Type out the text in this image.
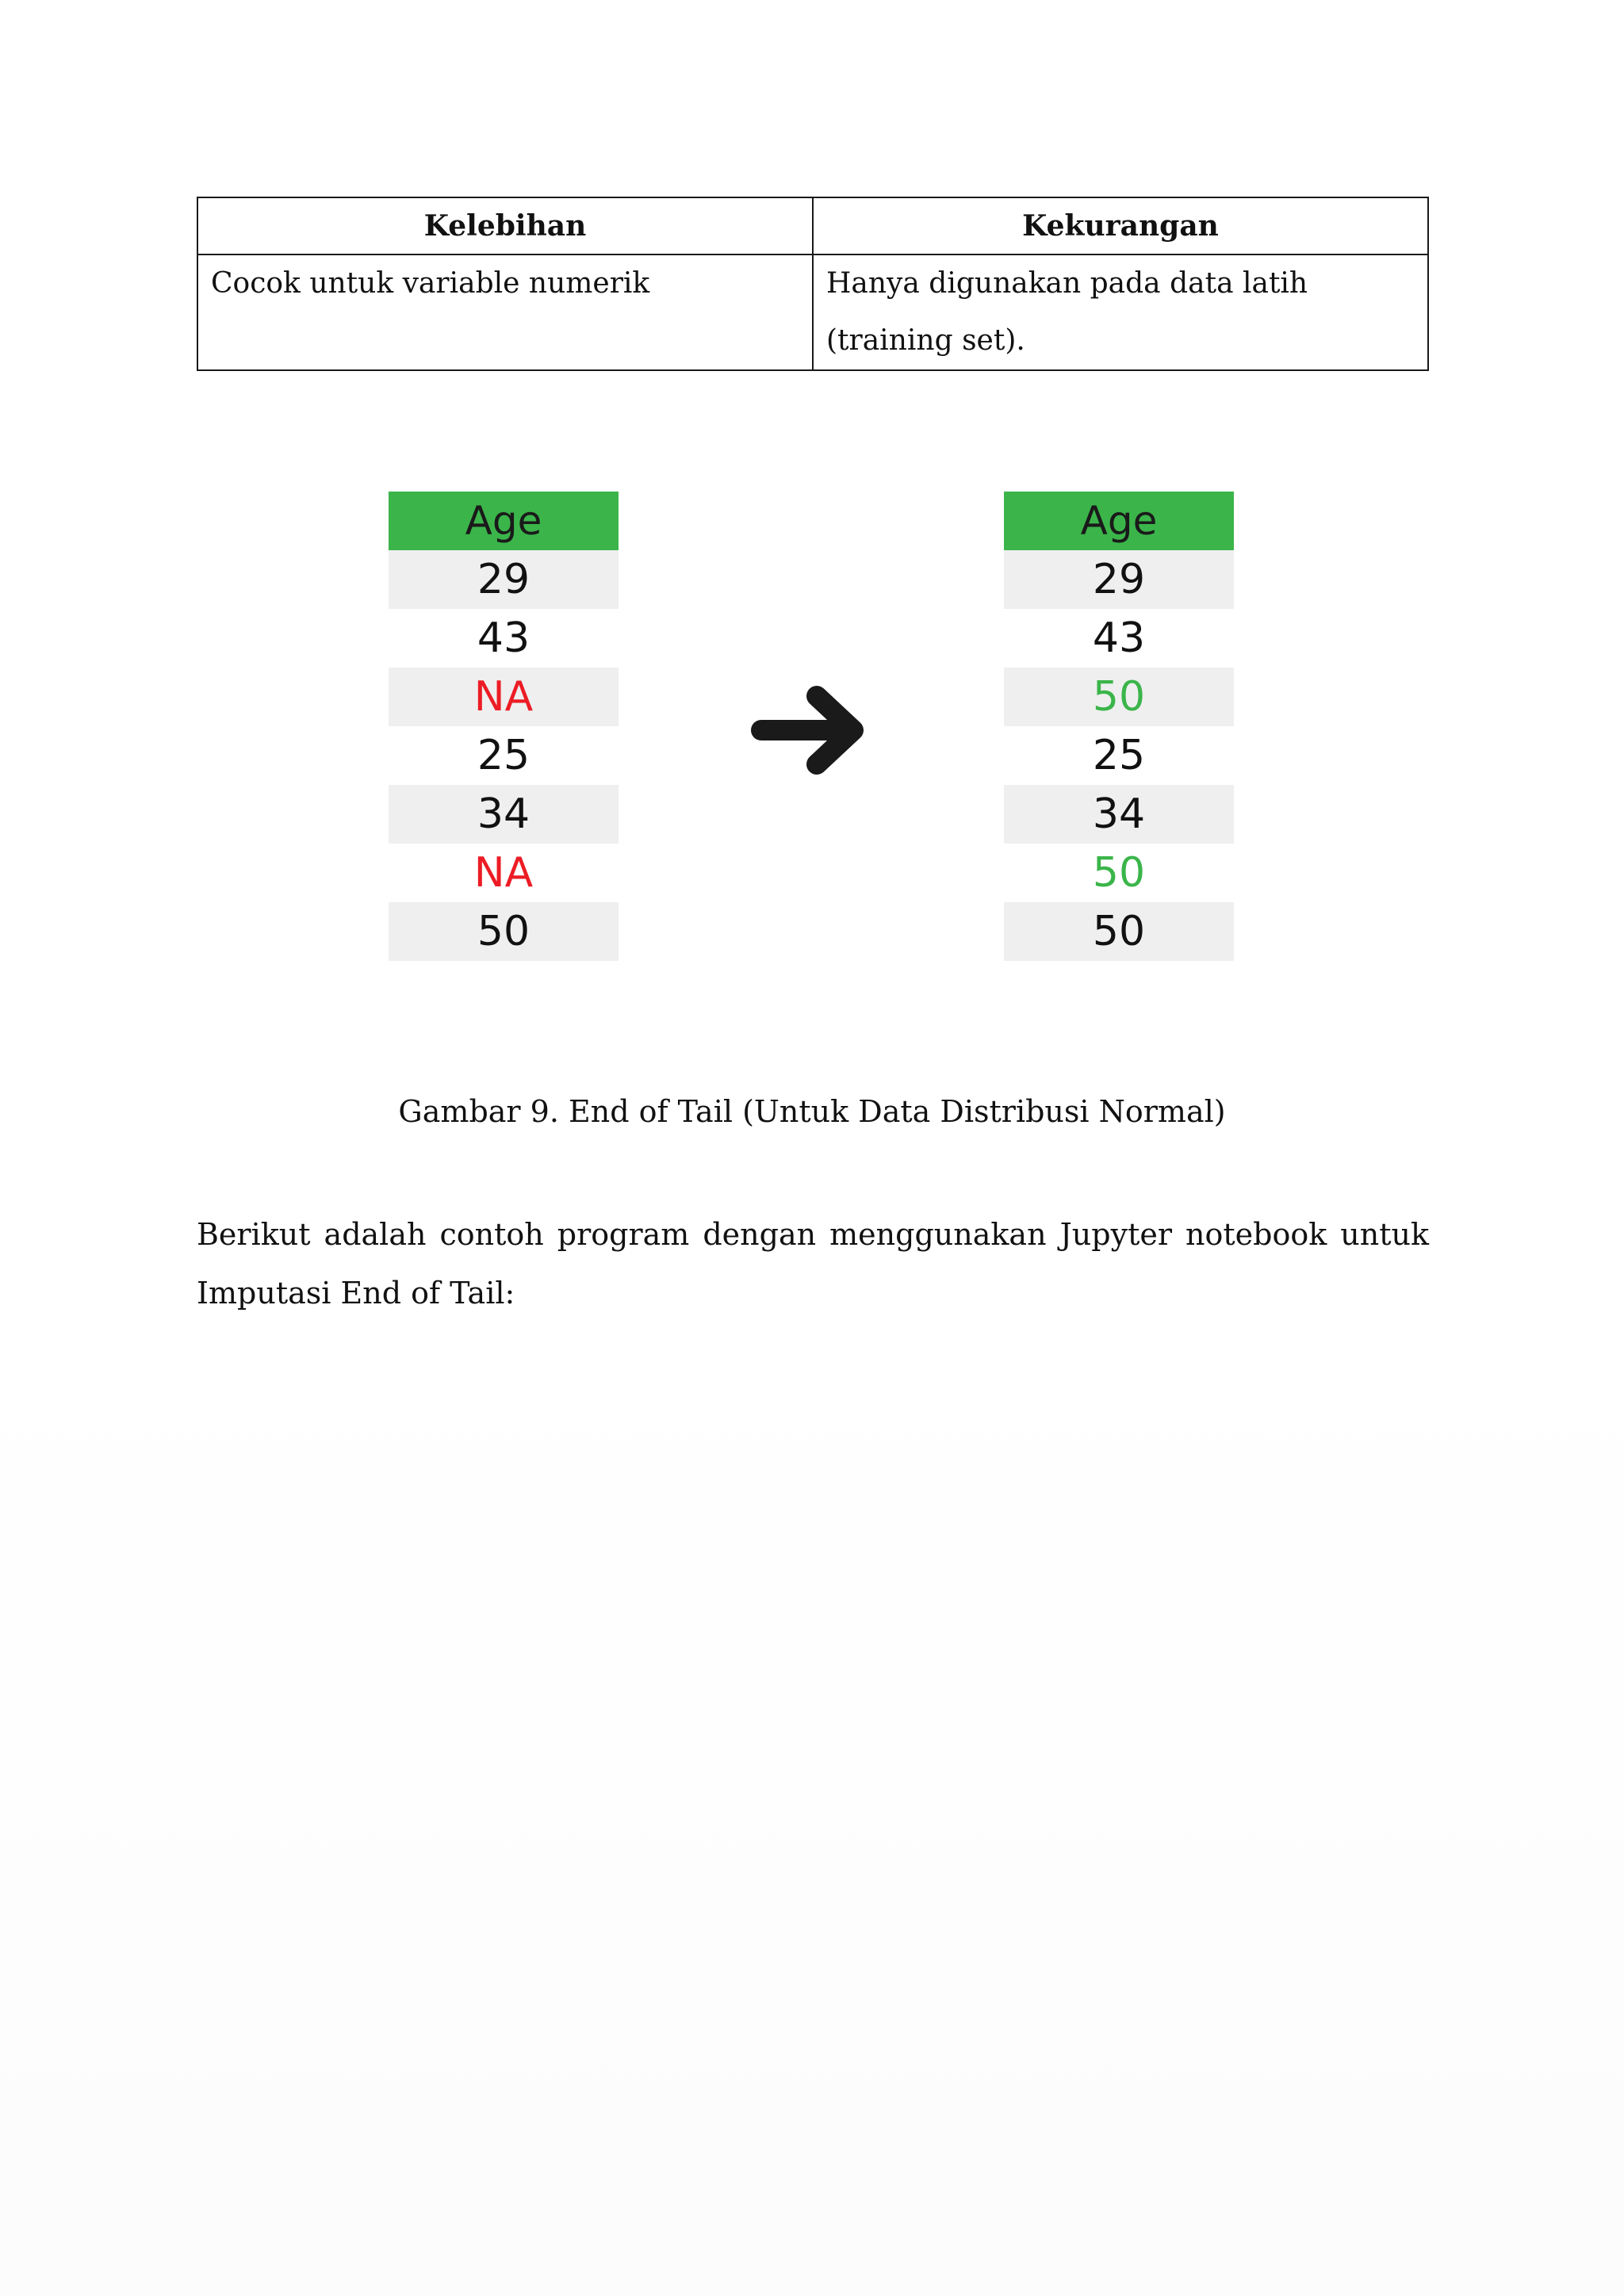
Kelebihan	Kekurangan
Cocok untuk variable numerik	Hanya digunakan pada data latih (training set).
Age
29
43
NA
25
34
NA
50
Age
29
43
50
25
34
50
50
Gambar 9. End of Tail (Untuk Data Distribusi Normal)

Berikut adalah contoh program dengan menggunakan Jupyter notebook untuk Imputasi End of Tail:
